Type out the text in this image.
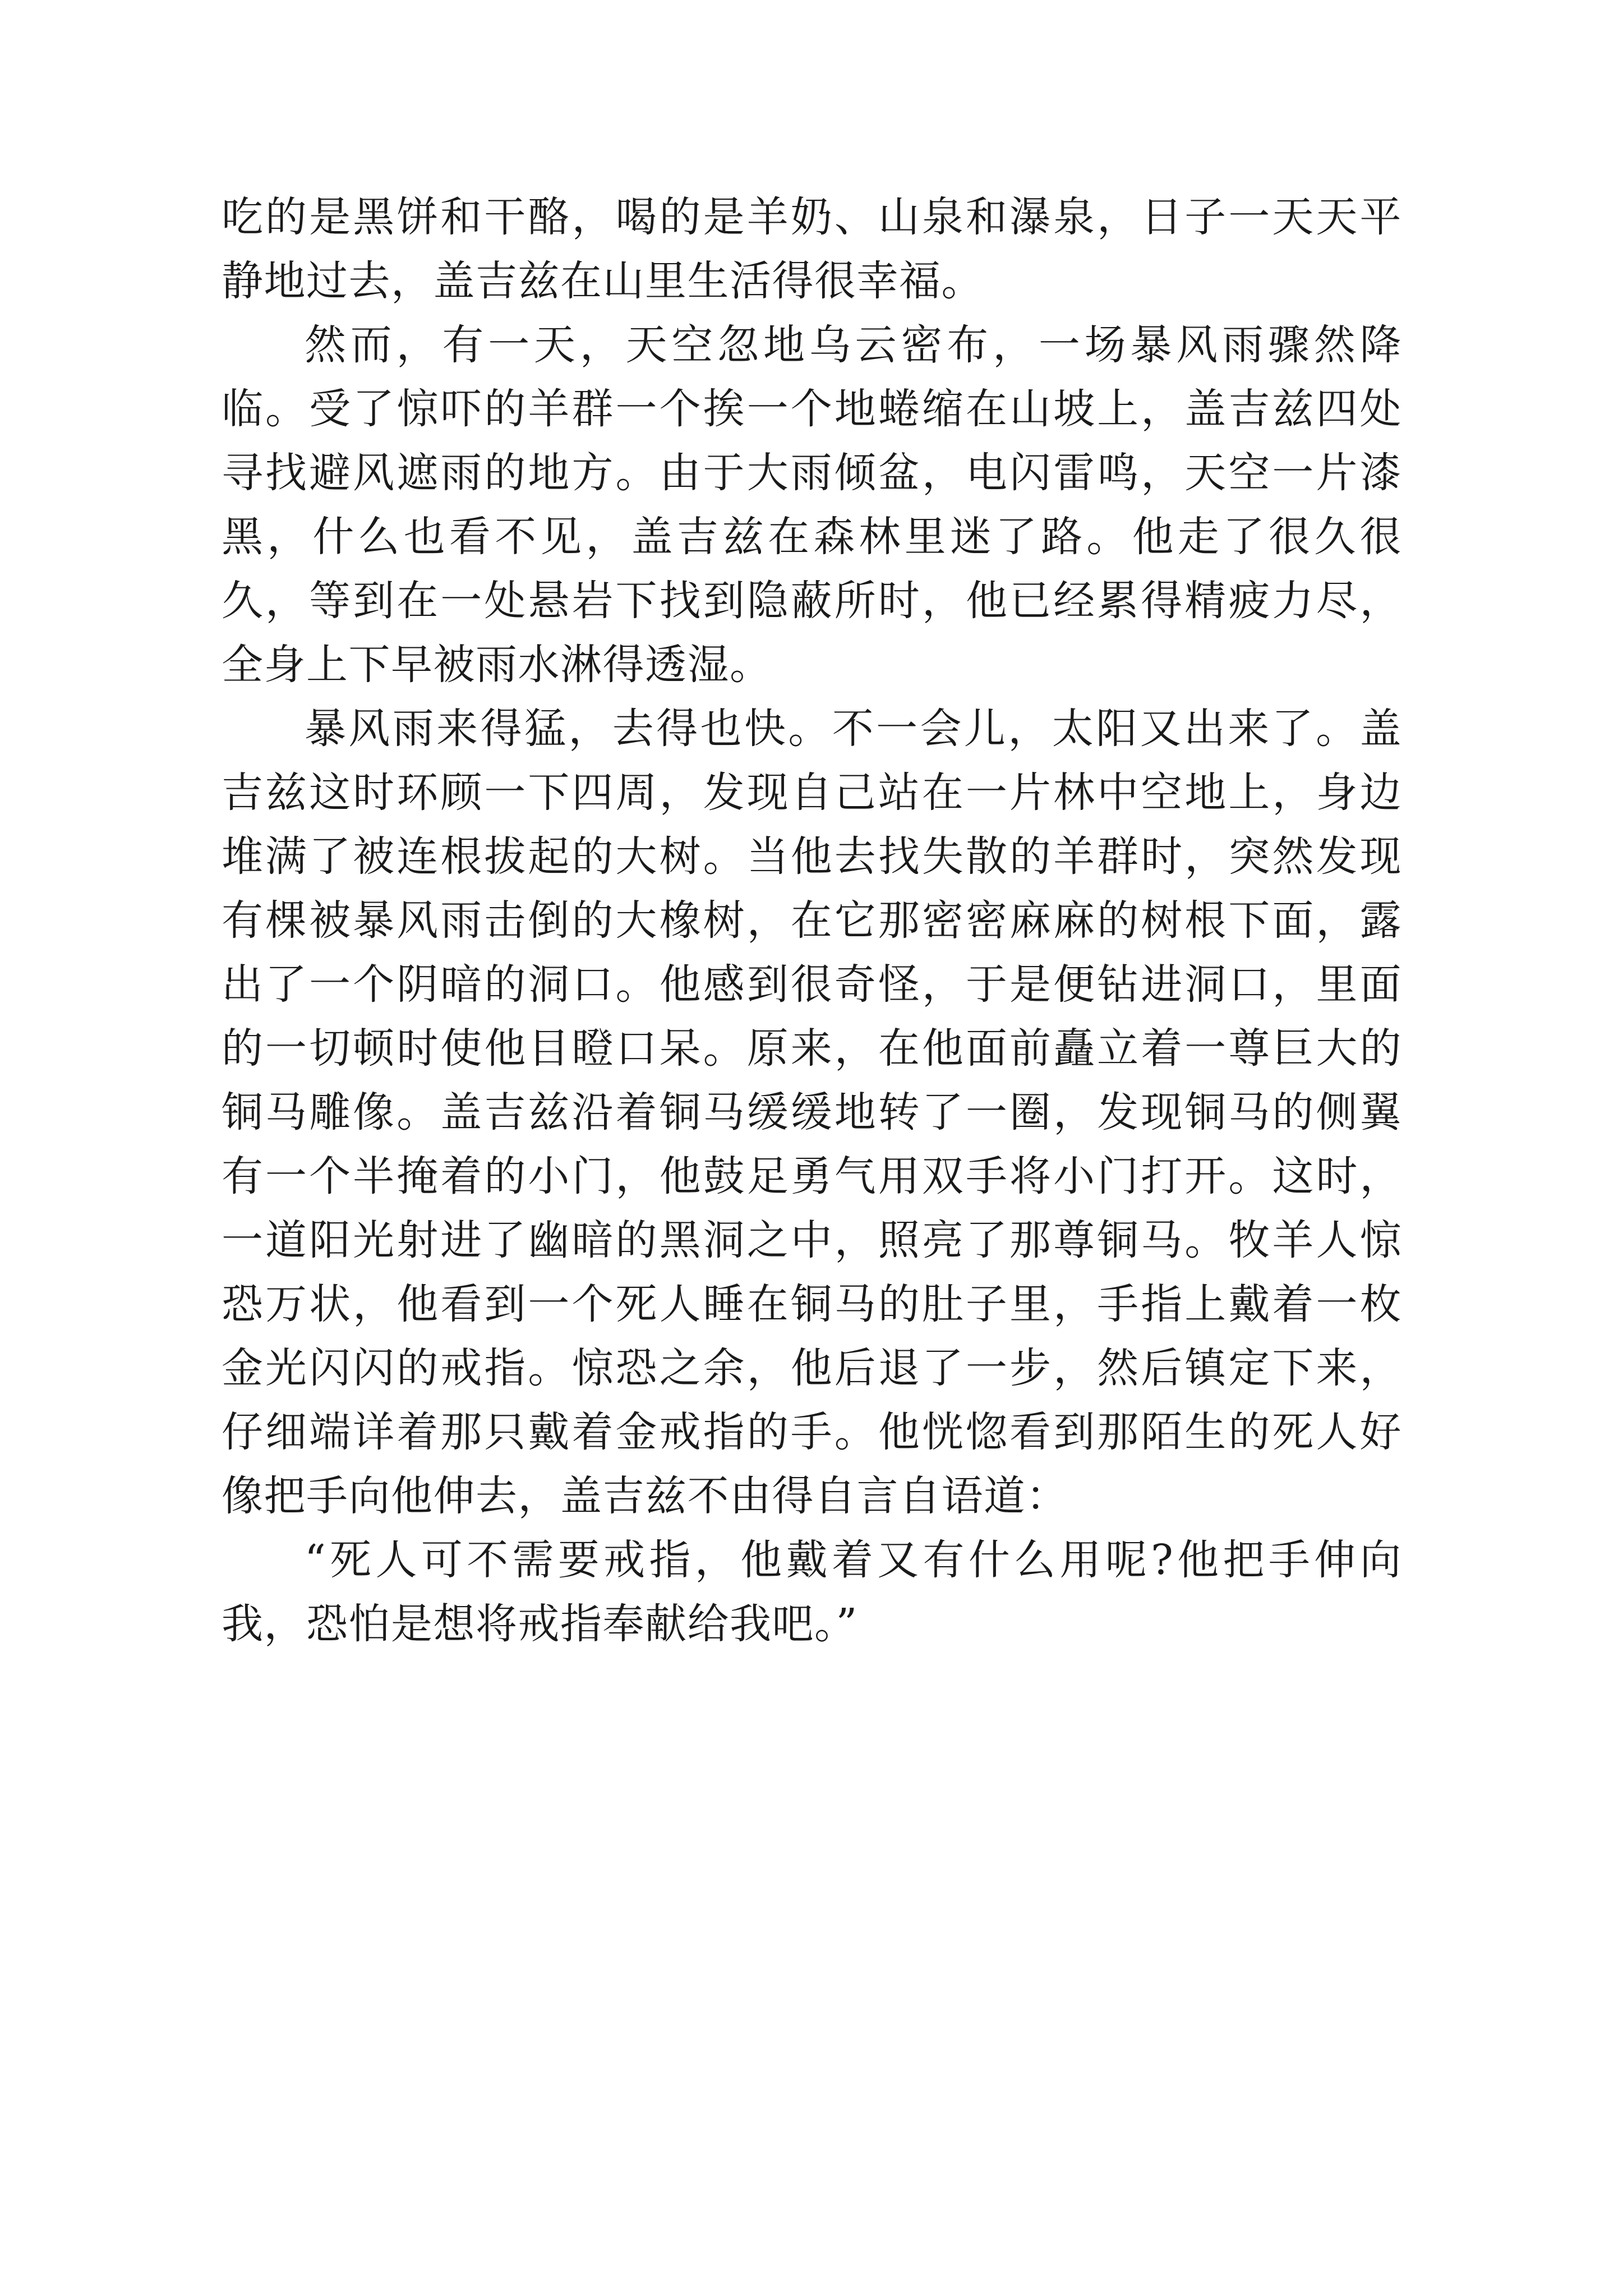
吃的是黑饼和干酪，喝的是羊奶、山泉和瀑泉，日子一天天平静地过去，盖吉兹在山里生活得很幸福。

然而，有一天，天空忽地乌云密布，一场暴风雨骤然降临。受了惊吓的羊群一个挨一个地蜷缩在山坡上，盖吉兹四处寻找避风遮雨的地方。由于大雨倾盆，电闪雷鸣，天空一片漆黑，什么也看不见，盖吉兹在森林里迷了路。他走了很久很久，等到在一处悬岩下找到隐蔽所时，他已经累得精疲力尽，全身上下早被雨水淋得透湿。

暴风雨来得猛，去得也快。不一会儿，太阳又出来了。盖吉兹这时环顾一下四周，发现自己站在一片林中空地上，身边堆满了被连根拔起的大树。当他去找失散的羊群时，突然发现有棵被暴风雨击倒的大橡树，在它那密密麻麻的树根下面，露出了一个阴暗的洞口。他感到很奇怪，于是便钻进洞口，里面的一切顿时使他目瞪口呆。原来，在他面前矗立着一尊巨大的铜马雕像。盖吉兹沿着铜马缓缓地转了一圈，发现铜马的侧翼有一个半掩着的小门，他鼓足勇气用双手将小门打开。这时，一道阳光射进了幽暗的黑洞之中，照亮了那尊铜马。牧羊人惊恐万状，他看到一个死人睡在铜马的肚子里，手指上戴着一枚金光闪闪的戒指。惊恐之余，他后退了一步，然后镇定下来，仔细端详着那只戴着金戒指的手。他恍惚看到那陌生的死人好像把手向他伸去，盖吉兹不由得自言自语道：

“死人可不需要戒指，他戴着又有什么用呢?他把手伸向我，恐怕是想将戒指奉献给我吧。”
